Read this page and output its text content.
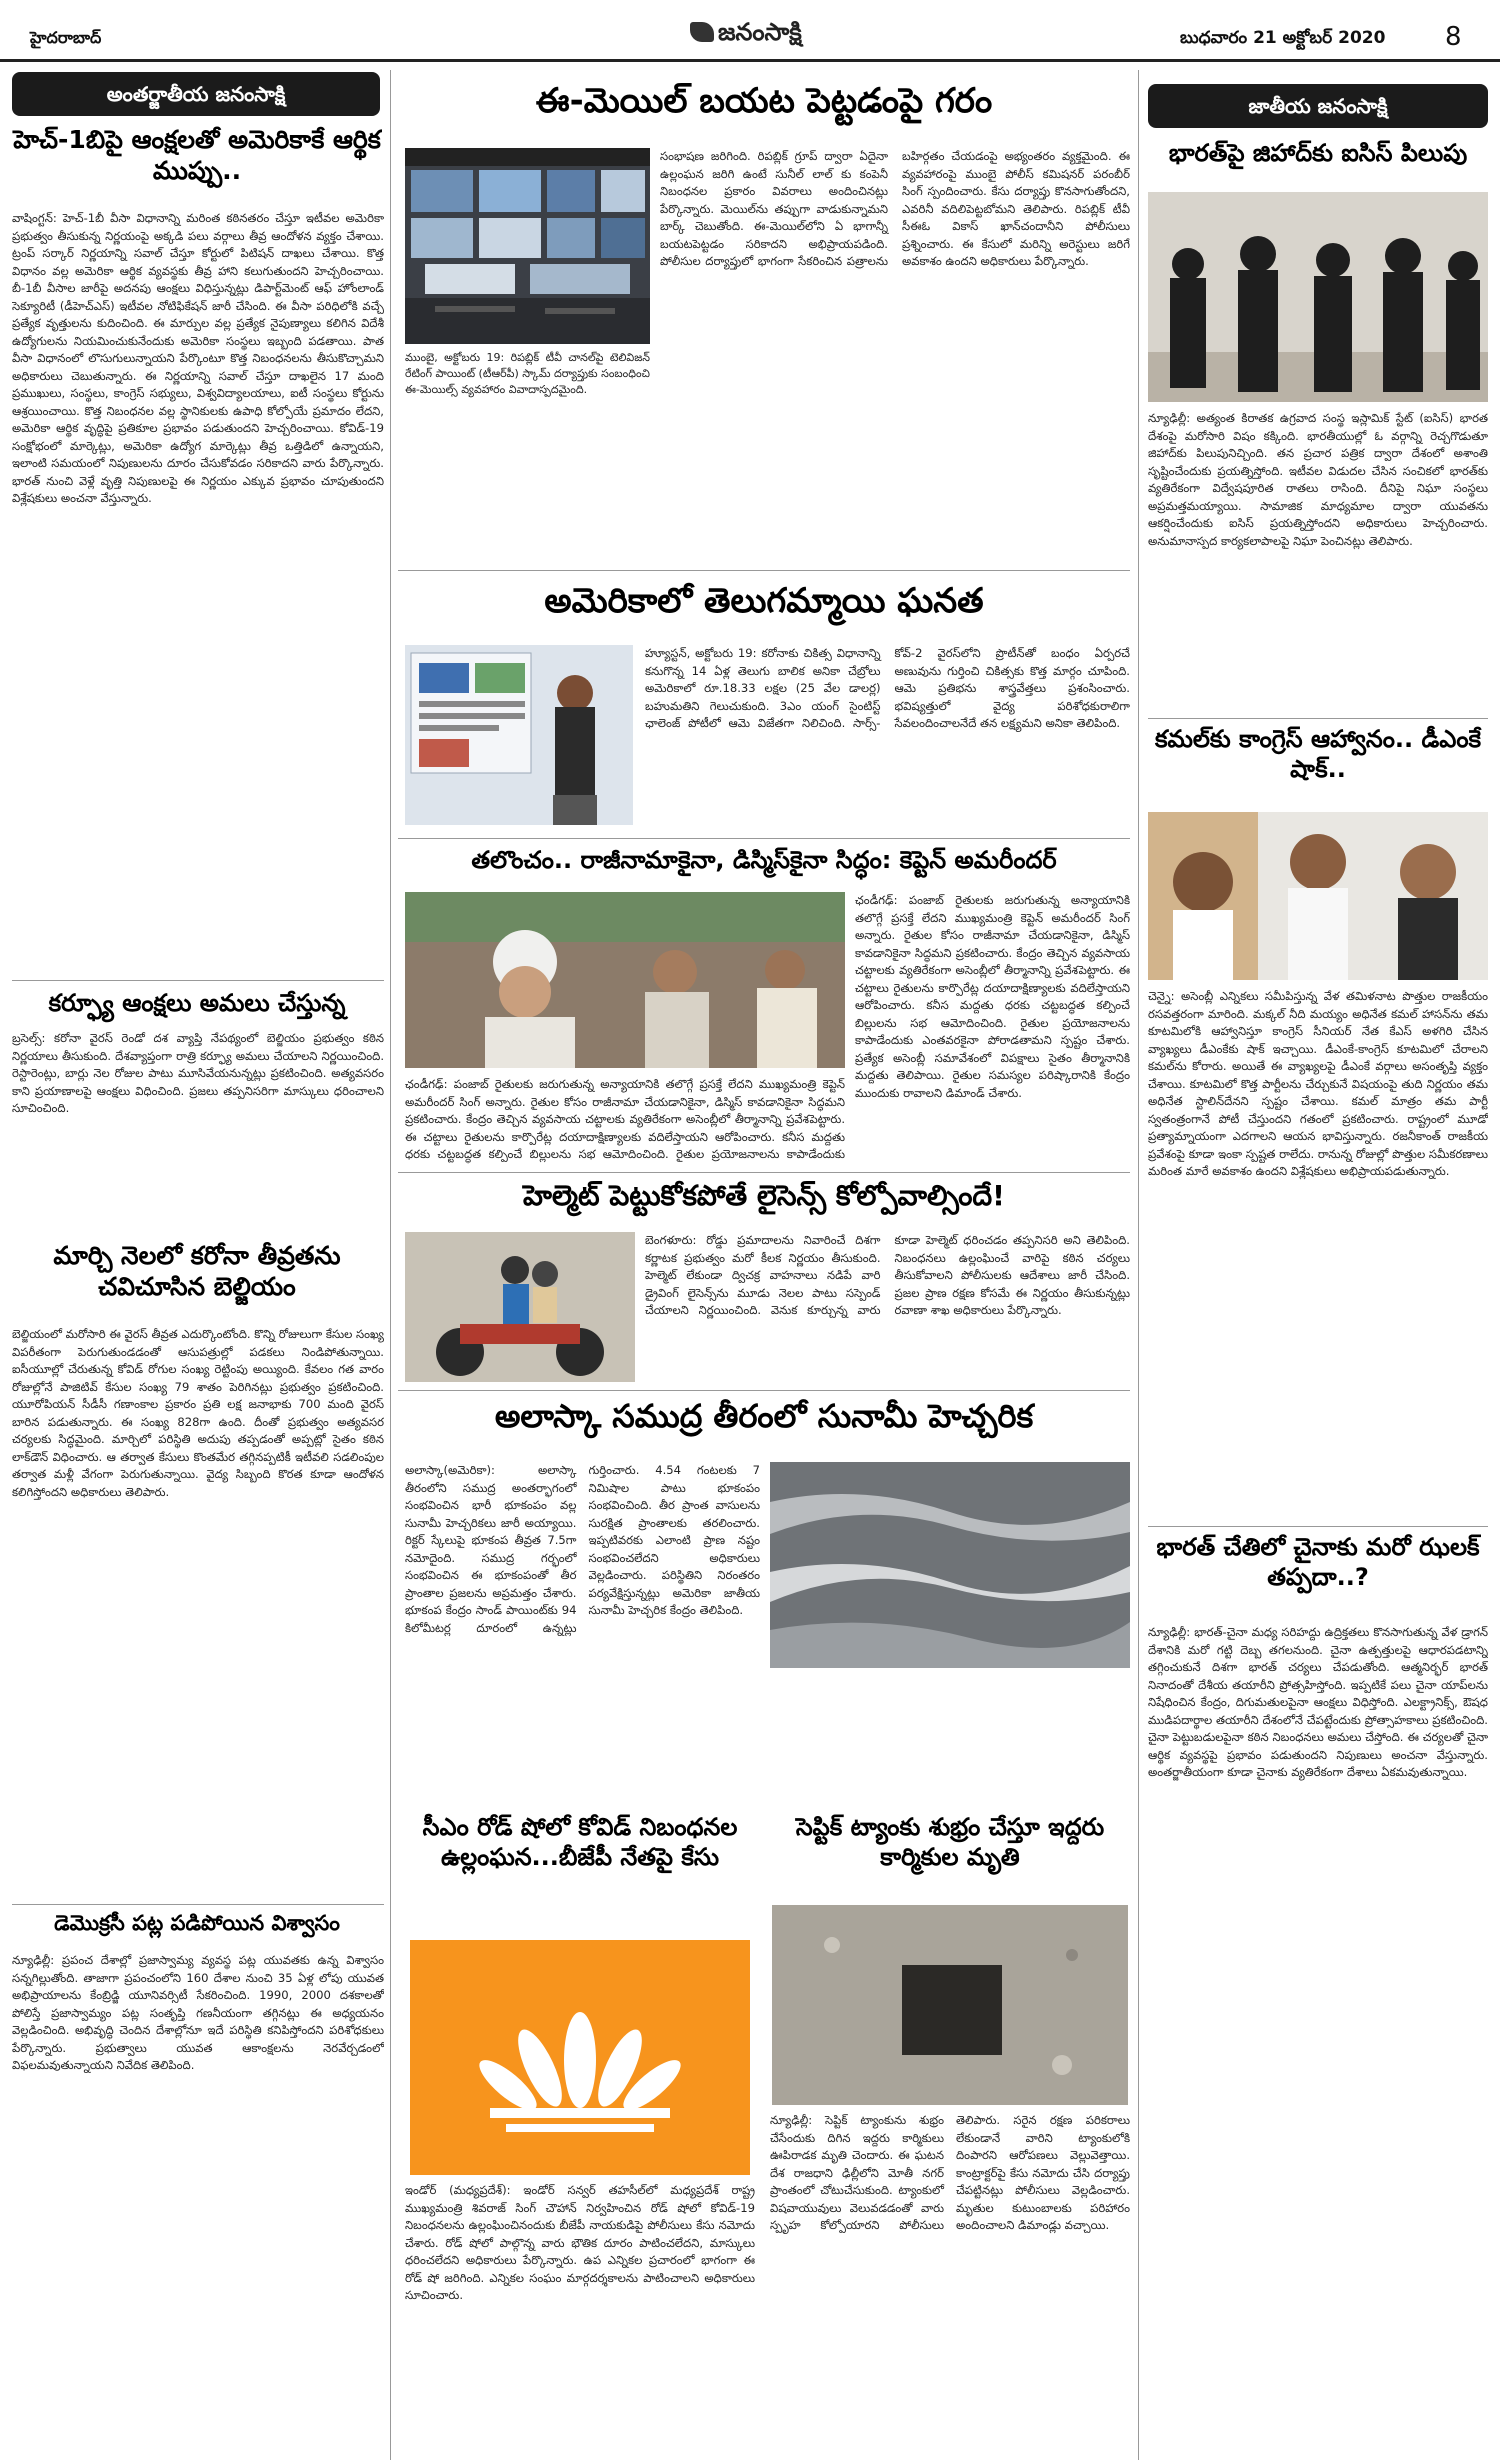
హైదరాబాద్	జనంసాక్షి	బుధవారం 21 అక్టోబర్ 2020 8
అంతర్జాతీయ జనంసాక్షి
హెచ్‌-1బిపై ఆంక్షలతో అమెరికాకే ఆర్థిక ముప్పు..
వాషింగ్టన్‌: హెచ్‌-1బీ వీసా విధానాన్ని మరింత కఠినతరం చేస్తూ ఇటీవల అమెరికా ప్రభుత్వం తీసుకున్న నిర్ణయంపై అక్కడి పలు వర్గాలు తీవ్ర ఆందోళన వ్యక్తం చేశాయి. ట్రంప్‌ సర్కార్‌ నిర్ణయాన్ని సవాల్‌ చేస్తూ కోర్టులో పిటిషన్‌ దాఖలు చేశాయి. కొత్త విధానం వల్ల అమెరికా ఆర్థిక వ్యవస్థకు తీవ్ర హాని కలుగుతుందని హెచ్చరించాయి. బీ-1బీ వీసాల జారీపై అదనపు ఆంక్షలు విధిస్తున్నట్లు డిపార్ట్‌మెంట్‌ ఆఫ్‌ హోంలాండ్‌ సెక్యూరిటీ (డీహెచ్‌ఎస్‌) ఇటీవల నోటిఫికేషన్‌ జారీ చేసింది. ఈ వీసా పరిధిలోకి వచ్చే ప్రత్యేక వృత్తులను కుదించింది. ఈ మార్పుల వల్ల ప్రత్యేక నైపుణ్యాలు కలిగిన విదేశీ ఉద్యోగులను నియమించుకునేందుకు అమెరికా సంస్థలు ఇబ్బంది పడతాయి. పాత వీసా విధానంలో లొసుగులున్నాయని పేర్కొంటూ కొత్త నిబంధనలను తీసుకొచ్చామని అధికారులు చెబుతున్నారు. ఈ నిర్ణయాన్ని సవాల్‌ చేస్తూ దాఖలైన 17 మంది ప్రముఖులు, సంస్థలు, కాంగ్రెస్‌ సభ్యులు, విశ్వవిద్యాలయాలు, ఐటీ సంస్థలు కోర్టును ఆశ్రయించాయి. కొత్త నిబంధనల వల్ల స్థానికులకు ఉపాధి కోల్పోయే ప్రమాదం లేదని, అమెరికా ఆర్థిక వృద్ధిపై ప్రతికూల ప్రభావం పడుతుందని హెచ్చరించాయి. కోవిడ్‌-19 సంక్షోభంలో మార్కెట్లు, అమెరికా ఉద్యోగ మార్కెట్లు తీవ్ర ఒత్తిడిలో ఉన్నాయని, ఇలాంటి సమయంలో నిపుణులను దూరం చేసుకోవడం సరికాదని వారు పేర్కొన్నారు. భారత్‌ నుంచి వెళ్లే వృత్తి నిపుణులపై ఈ నిర్ణయం ఎక్కువ ప్రభావం చూపుతుందని విశ్లేషకులు అంచనా వేస్తున్నారు.
కర్ఫ్యూ ఆంక్షలు అమలు చేస్తున్న
బ్రసెల్స్‌: కరోనా వైరస్‌ రెండో దశ వ్యాప్తి నేపథ్యంలో బెల్జియం ప్రభుత్వం కఠిన నిర్ణయాలు తీసుకుంది. దేశవ్యాప్తంగా రాత్రి కర్ఫ్యూ అమలు చేయాలని నిర్ణయించింది. రెస్టారెంట్లు, బార్లు నెల రోజుల పాటు మూసివేయనున్నట్లు ప్రకటించింది. అత్యవసరం కాని ప్రయాణాలపై ఆంక్షలు విధించింది. ప్రజలు తప్పనిసరిగా మాస్కులు ధరించాలని సూచించింది.
మార్చి నెలలో కరోనా తీవ్రతను చవిచూసిన బెల్జియం
బెల్జియంలో మరోసారి ఈ వైరస్‌ తీవ్రత ఎదుర్కొంటోంది. కొన్ని రోజులుగా కేసుల సంఖ్య విపరీతంగా పెరుగుతుండడంతో ఆసుపత్రుల్లో పడకలు నిండిపోతున్నాయి. ఐసీయూల్లో చేరుతున్న కోవిడ్‌ రోగుల సంఖ్య రెట్టింపు అయ్యింది. కేవలం గత వారం రోజుల్లోనే పాజిటివ్‌ కేసుల సంఖ్య 79 శాతం పెరిగినట్లు ప్రభుత్వం ప్రకటించింది. యూరోపియన్‌ సీడీసీ గణాంకాల ప్రకారం ప్రతి లక్ష జనాభాకు 700 మంది వైరస్‌ బారిన పడుతున్నారు. ఈ సంఖ్య 828గా ఉంది. దీంతో ప్రభుత్వం అత్యవసర చర్యలకు సిద్ధమైంది. మార్చిలో పరిస్థితి అదుపు తప్పడంతో అప్పట్లో సైతం కఠిన లాక్‌డౌన్‌ విధించారు. ఆ తర్వాత కేసులు కొంతమేర తగ్గినప్పటికీ ఇటీవలి సడలింపుల తర్వాత మళ్లీ వేగంగా పెరుగుతున్నాయి. వైద్య సిబ్బంది కొరత కూడా ఆందోళన కలిగిస్తోందని అధికారులు తెలిపారు.
డెమొక్రసీ పట్ల పడిపోయిన విశ్వాసం
న్యూఢిల్లీ: ప్రపంచ దేశాల్లో ప్రజాస్వామ్య వ్యవస్థ పట్ల యువతకు ఉన్న విశ్వాసం సన్నగిల్లుతోంది. తాజాగా ప్రపంచంలోని 160 దేశాల నుంచి 35 ఏళ్ల లోపు యువత అభిప్రాయాలను కేంబ్రిడ్జి యూనివర్సిటీ సేకరించింది. 1990, 2000 దశకాలతో పోలిస్తే ప్రజాస్వామ్యం పట్ల సంతృప్తి గణనీయంగా తగ్గినట్లు ఈ అధ్యయనం వెల్లడించింది. అభివృద్ధి చెందిన దేశాల్లోనూ ఇదే పరిస్థితి కనిపిస్తోందని పరిశోధకులు పేర్కొన్నారు. ప్రభుత్వాలు యువత ఆకాంక్షలను నెరవేర్చడంలో విఫలమవుతున్నాయని నివేదిక తెలిపింది.
ఈ-మెయిల్‌ బయట పెట్టడంపై గరం
ముంబై, అక్టోబరు 19: రిపబ్లిక్‌ టీవీ చానల్‌పై టెలివిజన్‌ రేటింగ్‌ పాయింట్‌ (టీఆర్‌పీ) స్కామ్‌ దర్యాప్తుకు సంబంధించి ఈ-మెయిల్స్‌ వ్యవహారం వివాదాస్పదమైంది.
సంభాషణ జరిగింది. రిపబ్లిక్‌ గ్రూప్‌ ద్వారా ఏదైనా ఉల్లంఘన జరిగి ఉంటే సునీల్‌ లాల్‌ కు కంపెనీ నిబంధనల ప్రకారం వివరాలు అందించినట్లు పేర్కొన్నారు. మెయిల్‌ను తప్పుగా వాడుకున్నామని బార్క్‌ చెబుతోంది. ఈ-మెయిల్‌లోని ఏ భాగాన్నీ బయటపెట్టడం సరికాదని అభిప్రాయపడింది. పోలీసుల దర్యాప్తులో భాగంగా సేకరించిన పత్రాలను బహిర్గతం చేయడంపై అభ్యంతరం వ్యక్తమైంది. ఈ వ్యవహారంపై ముంబై పోలీస్‌ కమిషనర్‌ పరంబీర్‌ సింగ్‌ స్పందించారు. కేసు దర్యాప్తు కొనసాగుతోందని, ఎవరినీ వదిలిపెట్టబోమని తెలిపారు. రిపబ్లిక్‌ టీవీ సీఈఓ వికాస్‌ ఖాన్‌చందానీని పోలీసులు ప్రశ్నించారు. ఈ కేసులో మరిన్ని అరెస్టులు జరిగే అవకాశం ఉందని అధికారులు పేర్కొన్నారు.
అమెరికాలో తెలుగమ్మాయి ఘనత
హ్యూస్టన్‌, అక్టోబరు 19: కరోనాకు చికిత్స విధానాన్ని కనుగొన్న 14 ఏళ్ల తెలుగు బాలిక అనికా చేబ్రోలు అమెరికాలో రూ.18.33 లక్షల (25 వేల డాలర్ల) బహుమతిని గెలుచుకుంది. 3ఎం యంగ్‌ సైంటిస్ట్‌ ఛాలెంజ్‌ పోటీలో ఆమె విజేతగా నిలిచింది. సార్స్‌-కోవ్‌-2 వైరస్‌లోని ప్రొటీన్‌తో బంధం ఏర్పరచే అణువును గుర్తించి చికిత్సకు కొత్త మార్గం చూపింది. ఆమె ప్రతిభను శాస్త్రవేత్తలు ప్రశంసించారు. భవిష్యత్తులో వైద్య పరిశోధకురాలిగా సేవలందించాలనేదే తన లక్ష్యమని అనికా తెలిపింది.
తలొంచం.. రాజీనామాకైనా, డిస్మిస్‌కైనా సిద్ధం: కెప్టెన్‌ అమరీందర్‌
ఛండీగఢ్‌: పంజాబ్‌ రైతులకు జరుగుతున్న అన్యాయానికి తలొగ్గే ప్రసక్తే లేదని ముఖ్యమంత్రి కెప్టెన్‌ అమరీందర్‌ సింగ్‌ అన్నారు. రైతుల కోసం రాజీనామా చేయడానికైనా, డిస్మిస్‌ కావడానికైనా సిద్ధమని ప్రకటించారు. కేంద్రం తెచ్చిన వ్యవసాయ చట్టాలకు వ్యతిరేకంగా అసెంబ్లీలో తీర్మానాన్ని ప్రవేశపెట్టారు. ఈ చట్టాలు రైతులను కార్పొరేట్ల దయాదాక్షిణ్యాలకు వదిలేస్తాయని ఆరోపించారు. కనీస మద్దతు ధరకు చట్టబద్ధత కల్పించే బిల్లులను సభ ఆమోదించింది. రైతుల ప్రయోజనాలను కాపాడేందుకు ఎంతవరకైనా పోరాడతామని స్పష్టం చేశారు. ప్రత్యేక అసెంబ్లీ సమావేశంలో విపక్షాలు సైతం తీర్మానానికి మద్దతు తెలిపాయి. రైతుల సమస్యల పరిష్కారానికి కేంద్రం ముందుకు రావాలని డిమాండ్‌ చేశారు.
ఛండీగఢ్‌: పంజాబ్‌ రైతులకు జరుగుతున్న అన్యాయానికి తలొగ్గే ప్రసక్తే లేదని ముఖ్యమంత్రి కెప్టెన్‌ అమరీందర్‌ సింగ్‌ అన్నారు. రైతుల కోసం రాజీనామా చేయడానికైనా, డిస్మిస్‌ కావడానికైనా సిద్ధమని ప్రకటించారు. కేంద్రం తెచ్చిన వ్యవసాయ చట్టాలకు వ్యతిరేకంగా అసెంబ్లీలో తీర్మానాన్ని ప్రవేశపెట్టారు. ఈ చట్టాలు రైతులను కార్పొరేట్ల దయాదాక్షిణ్యాలకు వదిలేస్తాయని ఆరోపించారు. కనీస మద్దతు ధరకు చట్టబద్ధత కల్పించే బిల్లులను సభ ఆమోదించింది. రైతుల ప్రయోజనాలను కాపాడేందుకు
హెల్మెట్‌ పెట్టుకోకపోతే లైసెన్స్‌ కోల్పోవాల్సిందే!
బెంగళూరు: రోడ్డు ప్రమాదాలను నివారించే దిశగా కర్ణాటక ప్రభుత్వం మరో కీలక నిర్ణయం తీసుకుంది. హెల్మెట్‌ లేకుండా ద్విచక్ర వాహనాలు నడిపే వారి డ్రైవింగ్‌ లైసెన్స్‌ను మూడు నెలల పాటు సస్పెండ్‌ చేయాలని నిర్ణయించింది. వెనుక కూర్చున్న వారు కూడా హెల్మెట్‌ ధరించడం తప్పనిసరి అని తెలిపింది. నిబంధనలు ఉల్లంఘించే వారిపై కఠిన చర్యలు తీసుకోవాలని పోలీసులకు ఆదేశాలు జారీ చేసింది. ప్రజల ప్రాణ రక్షణ కోసమే ఈ నిర్ణయం తీసుకున్నట్లు రవాణా శాఖ అధికారులు పేర్కొన్నారు.
అలాస్కా సముద్ర తీరంలో సునామీ హెచ్చరిక
అలాస్కా(అమెరికా): అలాస్కా తీరంలోని సముద్ర అంతర్భాగంలో సంభవించిన భారీ భూకంపం వల్ల సునామీ హెచ్చరికలు జారీ అయ్యాయి. రిక్టర్‌ స్కేలుపై భూకంప తీవ్రత 7.5గా నమోదైంది. సముద్ర గర్భంలో సంభవించిన ఈ భూకంపంతో తీర ప్రాంతాల ప్రజలను అప్రమత్తం చేశారు. భూకంప కేంద్రం సాండ్‌ పాయింట్‌కు 94 కిలోమీటర్ల దూరంలో ఉన్నట్లు గుర్తించారు. 4.54 గంటలకు 7 నిమిషాల పాటు భూకంపం సంభవించింది. తీర ప్రాంత వాసులను సురక్షిత ప్రాంతాలకు తరలించారు. ఇప్పటివరకు ఎలాంటి ప్రాణ నష్టం సంభవించలేదని అధికారులు వెల్లడించారు. పరిస్థితిని నిరంతరం పర్యవేక్షిస్తున్నట్లు అమెరికా జాతీయ సునామీ హెచ్చరిక కేంద్రం తెలిపింది.
సీఎం రోడ్‌ షోలో కోవిడ్‌ నిబంధనల ఉల్లంఘన...బీజేపీ నేతపై కేసు
ఇండోర్‌ (మధ్యప్రదేశ్‌): ఇండోర్‌ సన్వర్‌ తహసీల్‌లో మధ్యప్రదేశ్‌ రాష్ట్ర ముఖ్యమంత్రి శివరాజ్‌ సింగ్‌ చౌహాన్‌ నిర్వహించిన రోడ్‌ షోలో కోవిడ్‌-19 నిబంధనలను ఉల్లంఘించినందుకు బీజేపీ నాయకుడిపై పోలీసులు కేసు నమోదు చేశారు. రోడ్‌ షోలో పాల్గొన్న వారు భౌతిక దూరం పాటించలేదని, మాస్కులు ధరించలేదని అధికారులు పేర్కొన్నారు. ఉప ఎన్నికల ప్రచారంలో భాగంగా ఈ రోడ్‌ షో జరిగింది. ఎన్నికల సంఘం మార్గదర్శకాలను పాటించాలని అధికారులు సూచించారు.
సెప్టిక్‌ ట్యాంకు శుభ్రం చేస్తూ ఇద్దరు కార్మికుల మృతి
న్యూఢిల్లీ: సెప్టిక్‌ ట్యాంకును శుభ్రం చేసేందుకు దిగిన ఇద్దరు కార్మికులు ఊపిరాడక మృతి చెందారు. ఈ ఘటన దేశ రాజధాని ఢిల్లీలోని మోతీ నగర్‌ ప్రాంతంలో చోటుచేసుకుంది. ట్యాంకులో విషవాయువులు వెలువడడంతో వారు స్పృహ కోల్పోయారని పోలీసులు తెలిపారు. సరైన రక్షణ పరికరాలు లేకుండానే వారిని ట్యాంకులోకి దింపారని ఆరోపణలు వెల్లువెత్తాయి. కాంట్రాక్టర్‌పై కేసు నమోదు చేసి దర్యాప్తు చేపట్టినట్లు పోలీసులు వెల్లడించారు. మృతుల కుటుంబాలకు పరిహారం అందించాలని డిమాండ్లు వచ్చాయి.
జాతీయ జనంసాక్షి
భారత్‌పై జిహాద్‌కు ఐసిస్‌ పిలుపు
న్యూఢిల్లీ: అత్యంత కిరాతక ఉగ్రవాద సంస్థ ఇస్లామిక్‌ స్టేట్‌ (ఐసిస్‌) భారత దేశంపై మరోసారి విషం కక్కింది. భారతీయుల్లో ఓ వర్గాన్ని రెచ్చగొడుతూ జిహాద్‌కు పిలుపునిచ్చింది. తన ప్రచార పత్రిక ద్వారా దేశంలో అశాంతి సృష్టించేందుకు ప్రయత్నిస్తోంది. ఇటీవల విడుదల చేసిన సంచికలో భారత్‌కు వ్యతిరేకంగా విద్వేషపూరిత రాతలు రాసింది. దీనిపై నిఘా సంస్థలు అప్రమత్తమయ్యాయి. సామాజిక మాధ్యమాల ద్వారా యువతను ఆకర్షించేందుకు ఐసిస్‌ ప్రయత్నిస్తోందని అధికారులు హెచ్చరించారు. అనుమానాస్పద కార్యకలాపాలపై నిఘా పెంచినట్లు తెలిపారు.
కమల్‌కు కాంగ్రెస్‌ ఆహ్వానం.. డీఎంకే షాక్‌..
చెన్నై: అసెంబ్లీ ఎన్నికలు సమీపిస్తున్న వేళ తమిళనాట పొత్తుల రాజకీయం రసవత్తరంగా మారింది. మక్కల్‌ నీది మయ్యం అధినేత కమల్‌ హాసన్‌ను తమ కూటమిలోకి ఆహ్వానిస్తూ కాంగ్రెస్‌ సీనియర్‌ నేత కేఎస్‌ అళగిరి చేసిన వ్యాఖ్యలు డీఎంకేకు షాక్‌ ఇచ్చాయి. డీఎంకే-కాంగ్రెస్‌ కూటమిలో చేరాలని కమల్‌ను కోరారు. అయితే ఈ వ్యాఖ్యలపై డీఎంకే వర్గాలు అసంతృప్తి వ్యక్తం చేశాయి. కూటమిలో కొత్త పార్టీలను చేర్చుకునే విషయంపై తుది నిర్ణయం తమ అధినేత స్టాలిన్‌దేనని స్పష్టం చేశాయి. కమల్‌ మాత్రం తమ పార్టీ స్వతంత్రంగానే పోటీ చేస్తుందని గతంలో ప్రకటించారు. రాష్ట్రంలో మూడో ప్రత్యామ్నాయంగా ఎదగాలని ఆయన భావిస్తున్నారు. రజనీకాంత్‌ రాజకీయ ప్రవేశంపై కూడా ఇంకా స్పష్టత రాలేదు. రానున్న రోజుల్లో పొత్తుల సమీకరణాలు మరింత మారే అవకాశం ఉందని విశ్లేషకులు అభిప్రాయపడుతున్నారు.
భారత్‌ చేతిలో చైనాకు మరో ఝలక్‌ తప్పదా..?
న్యూఢిల్లీ: భారత్‌-చైనా మధ్య సరిహద్దు ఉద్రిక్తతలు కొనసాగుతున్న వేళ డ్రాగన్‌ దేశానికి మరో గట్టి దెబ్బ తగలనుంది. చైనా ఉత్పత్తులపై ఆధారపడటాన్ని తగ్గించుకునే దిశగా భారత్‌ చర్యలు చేపడుతోంది. ఆత్మనిర్భర్‌ భారత్‌ నినాదంతో దేశీయ తయారీని ప్రోత్సహిస్తోంది. ఇప్పటికే పలు చైనా యాప్‌లను నిషేధించిన కేంద్రం, దిగుమతులపైనా ఆంక్షలు విధిస్తోంది. ఎలక్ట్రానిక్స్‌, ఔషధ ముడిపదార్థాల తయారీని దేశంలోనే చేపట్టేందుకు ప్రోత్సాహకాలు ప్రకటించింది. చైనా పెట్టుబడులపైనా కఠిన నిబంధనలు అమలు చేస్తోంది. ఈ చర్యలతో చైనా ఆర్థిక వ్యవస్థపై ప్రభావం పడుతుందని నిపుణులు అంచనా వేస్తున్నారు. అంతర్జాతీయంగా కూడా చైనాకు వ్యతిరేకంగా దేశాలు ఏకమవుతున్నాయి.
